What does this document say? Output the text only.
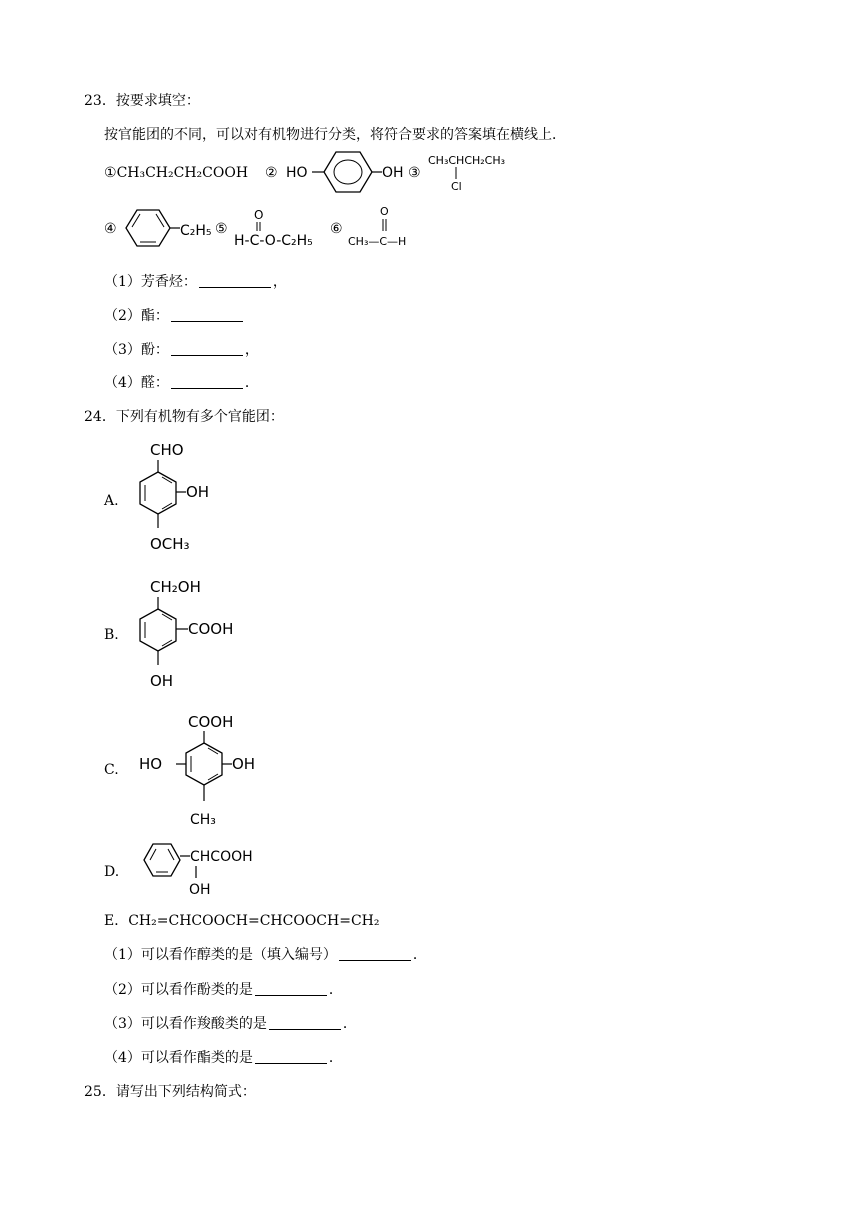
23．按要求填空：
按官能团的不同，可以对有机物进行分类，将符合要求的答案填在横线上．
①CH₃CH₂CH₂COOH ② HO	OH ③
CH₃CHCH₂CH₃
Cl
④	C₂H₅ ⑤
O
H-C-O-C₂H₅
⑥
O
CH₃—C—H
（1）芳香烃：	，
（2）酯：
（3）酚：	，
（4）醛：	．
24．下列有机物有多个官能团：
A.
CHO
OH
OCH₃
B.
CH₂OH
COOH
OH
C.
COOH
HO	OH
CH₃
D.
CHCOOH
OH
E．CH₂=CHCOOCH=CHCOOCH=CH₂
（1）可以看作醇类的是（填入编号）	．
（2）可以看作酚类的是	．
（3）可以看作羧酸类的是	．
（4）可以看作酯类的是	．
25．请写出下列结构简式：
